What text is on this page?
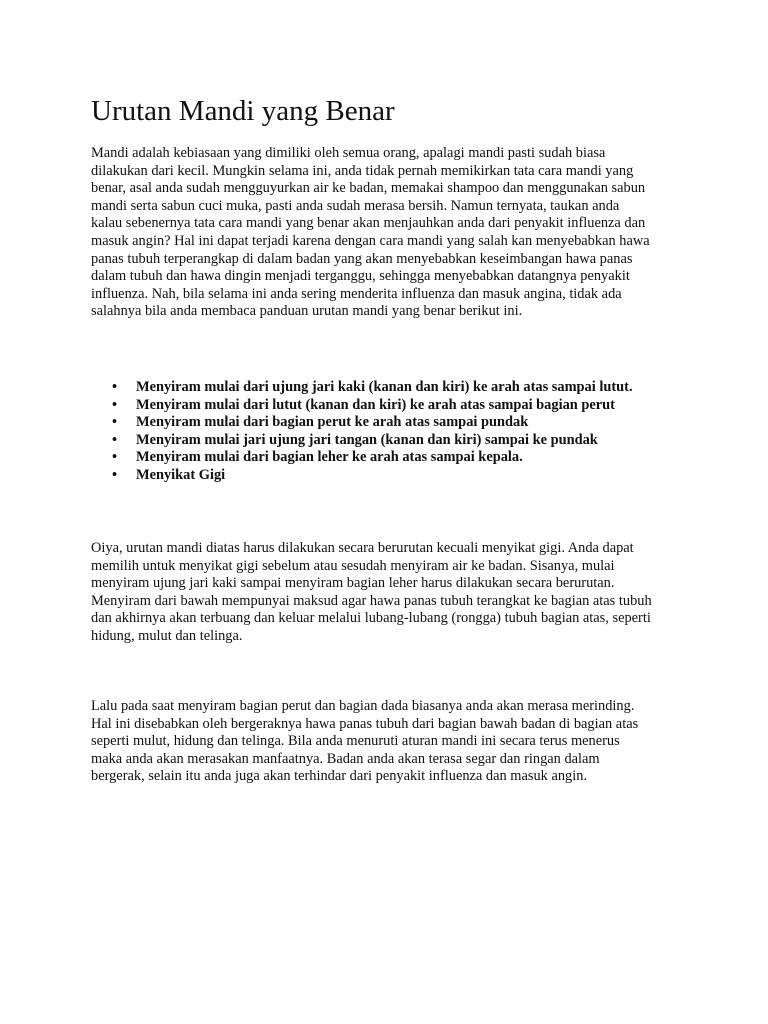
Urutan Mandi yang Benar

Mandi adalah kebiasaan yang dimiliki oleh semua orang, apalagi mandi pasti sudah biasa
dilakukan dari kecil. Mungkin selama ini, anda tidak pernah memikirkan tata cara mandi yang
benar, asal anda sudah mengguyurkan air ke badan, memakai shampoo dan menggunakan sabun
mandi serta sabun cuci muka, pasti anda sudah merasa bersih. Namun ternyata, taukan anda
kalau sebenernya tata cara mandi yang benar akan menjauhkan anda dari penyakit influenza dan
masuk angin? Hal ini dapat terjadi karena dengan cara mandi yang salah kan menyebabkan hawa
panas tubuh terperangkap di dalam badan yang akan menyebabkan keseimbangan hawa panas
dalam tubuh dan hawa dingin menjadi terganggu, sehingga menyebabkan datangnya penyakit
influenza. Nah, bila selama ini anda sering menderita influenza dan masuk angina, tidak ada
salahnya bila anda membaca panduan urutan mandi yang benar berikut ini.

• Menyiram mulai dari ujung jari kaki (kanan dan kiri) ke arah atas sampai lutut.
• Menyiram mulai dari lutut (kanan dan kiri) ke arah atas sampai bagian perut
• Menyiram mulai dari bagian perut ke arah atas sampai pundak
• Menyiram mulai jari ujung jari tangan (kanan dan kiri) sampai ke pundak
• Menyiram mulai dari bagian leher ke arah atas sampai kepala.
• Menyikat Gigi

Oiya, urutan mandi diatas harus dilakukan secara berurutan kecuali menyikat gigi. Anda dapat
memilih untuk menyikat gigi sebelum atau sesudah menyiram air ke badan. Sisanya, mulai
menyiram ujung jari kaki sampai menyiram bagian leher harus dilakukan secara berurutan.
Menyiram dari bawah mempunyai maksud agar hawa panas tubuh terangkat ke bagian atas tubuh
dan akhirnya akan terbuang dan keluar melalui lubang-lubang (rongga) tubuh bagian atas, seperti
hidung, mulut dan telinga.

Lalu pada saat menyiram bagian perut dan bagian dada biasanya anda akan merasa merinding.
Hal ini disebabkan oleh bergeraknya hawa panas tubuh dari bagian bawah badan di bagian atas
seperti mulut, hidung dan telinga. Bila anda menuruti aturan mandi ini secara terus menerus
maka anda akan merasakan manfaatnya. Badan anda akan terasa segar dan ringan dalam
bergerak, selain itu anda juga akan terhindar dari penyakit influenza dan masuk angin.
